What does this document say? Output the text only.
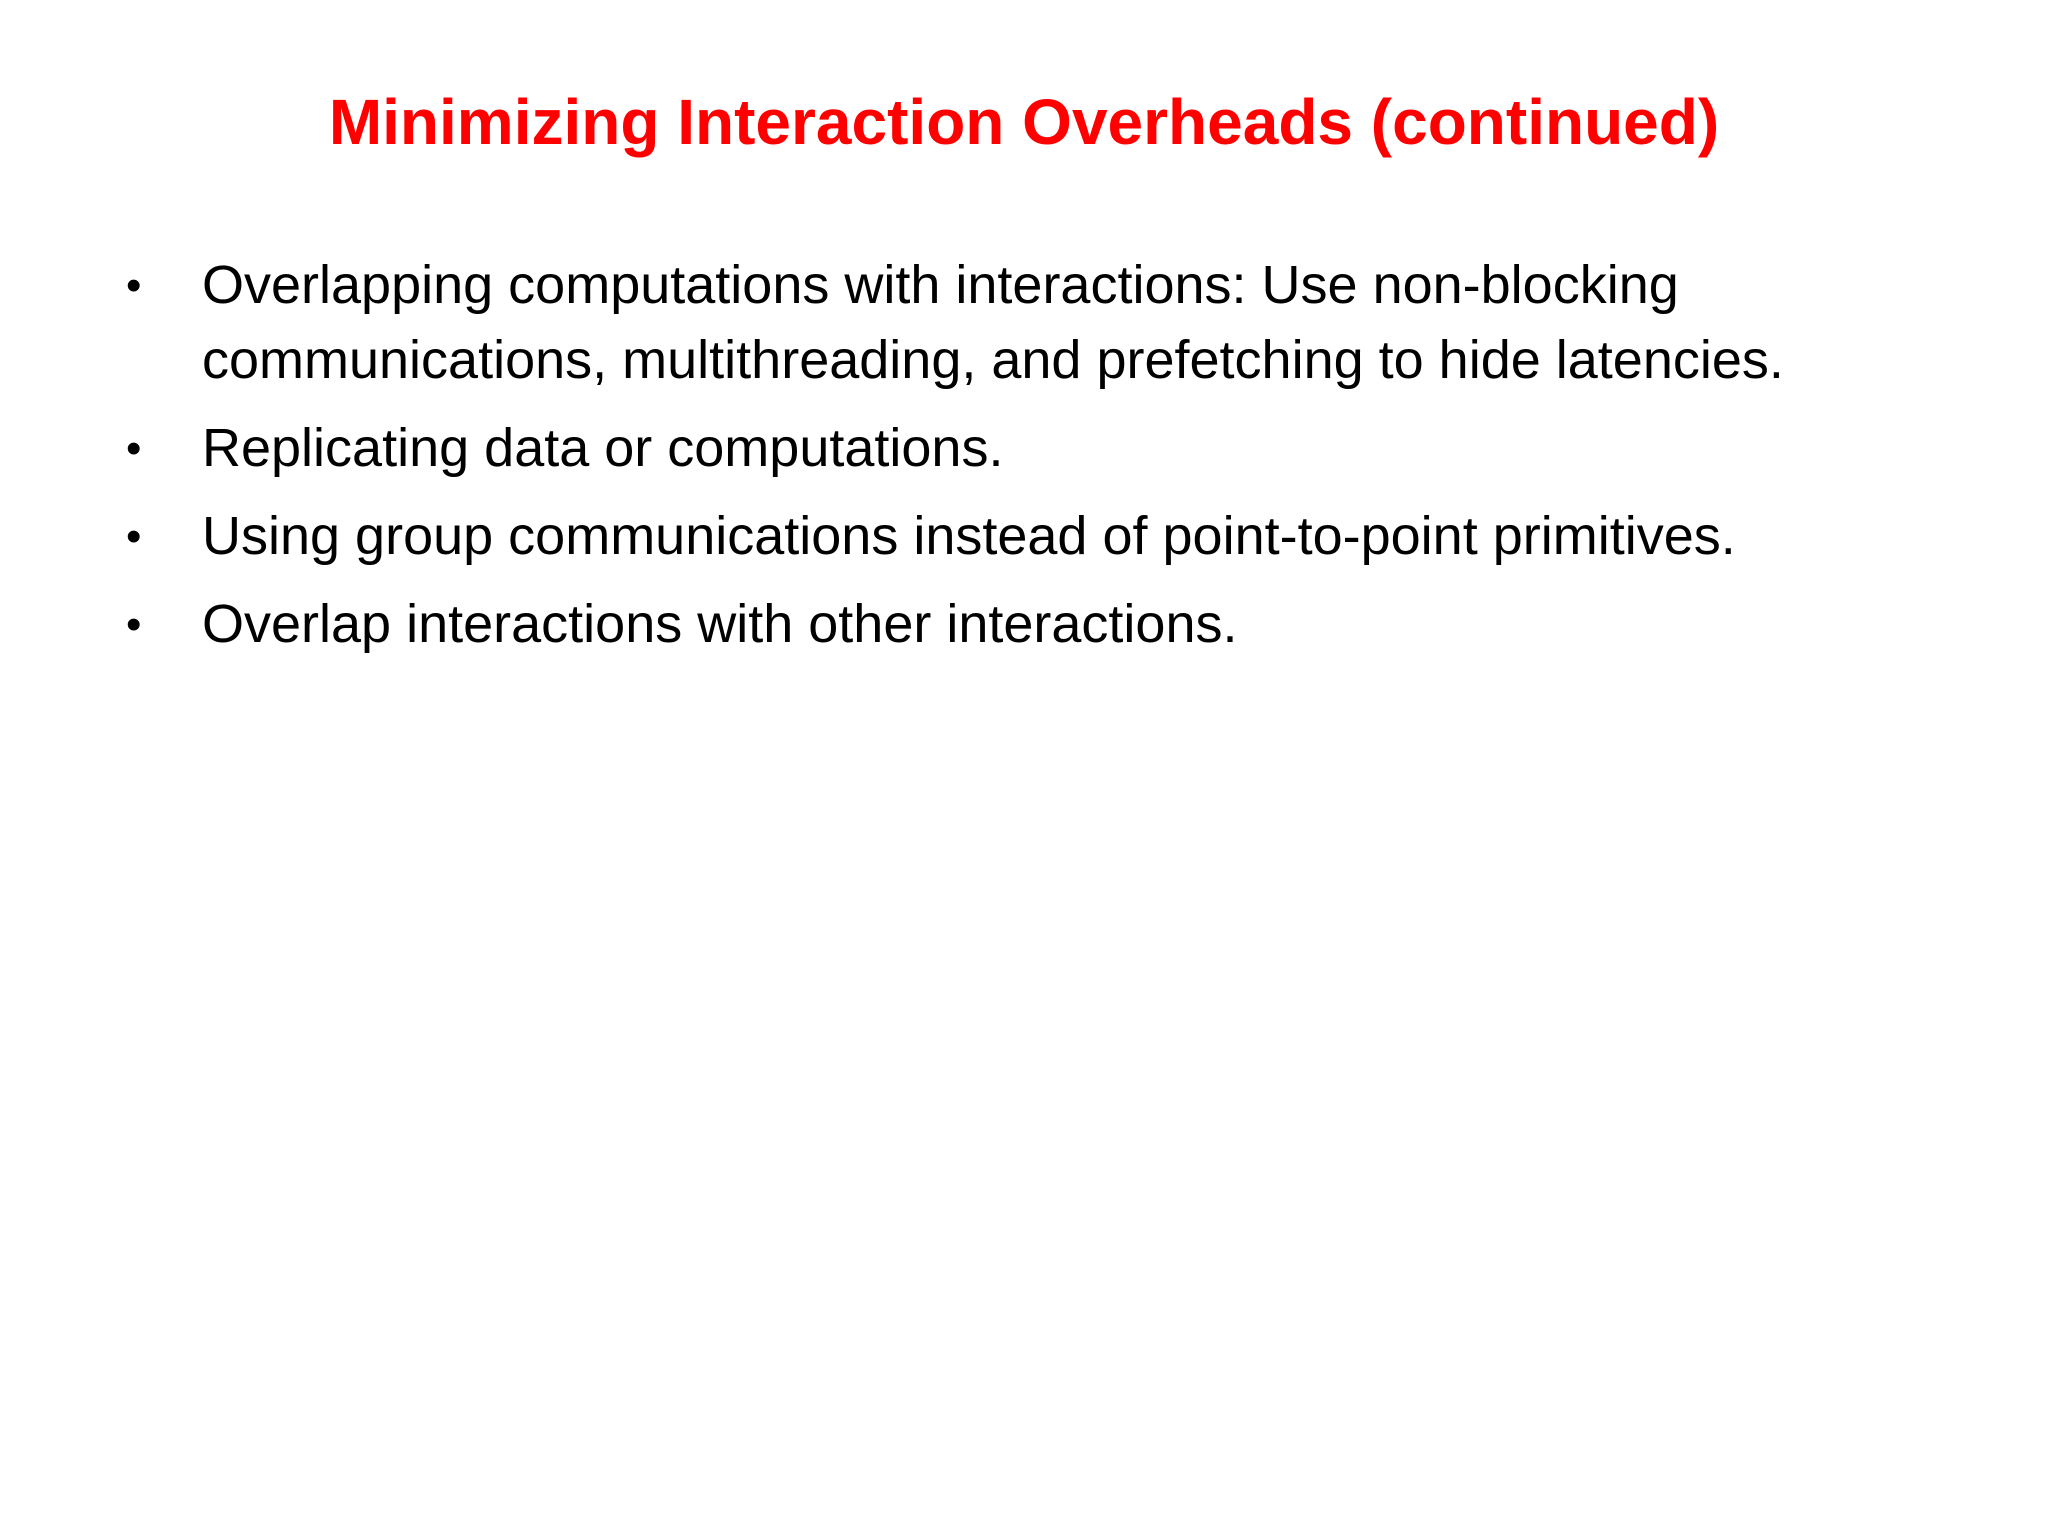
Minimizing Interaction Overheads (continued)
• Overlapping computations with interactions: Use non-blocking communications, multithreading, and prefetching to hide latencies.
• Replicating data or computations.
• Using group communications instead of point-to-point primitives.
• Overlap interactions with other interactions.
